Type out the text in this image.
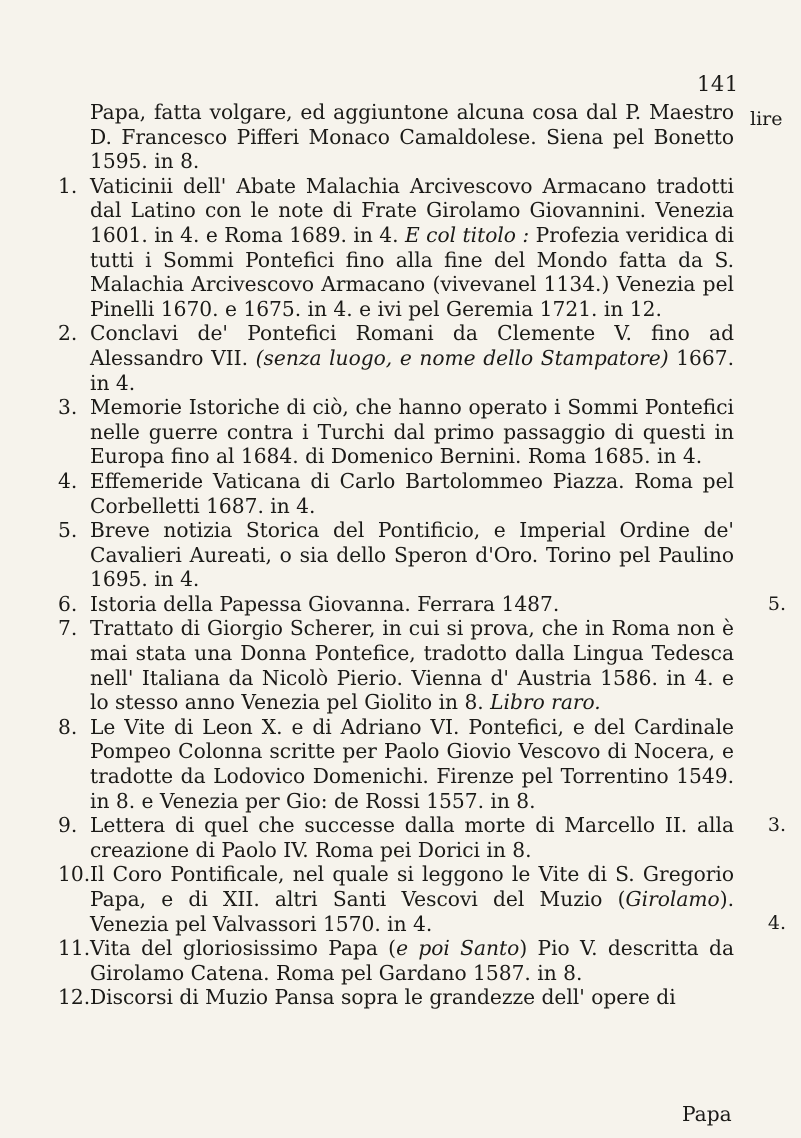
141
lire

Papa, fatta volgare, ed aggiuntone alcuna cosa dal P. Maestro D. Francesco Pifferi Monaco Camaldolese. Siena pel Bonetto 1595. in 8.

1. Vaticinii dell' Abate Malachia Arcivescovo Armacano tradotti dal Latino con le note di Frate Girolamo Giovannini. Venezia 1601. in 4. e Roma 1689. in 4. E col titolo : Profezia veridica di tutti i Sommi Pontefici fino alla fine del Mondo fatta da S. Malachia Arcivescovo Armacano (vivevanel 1134.) Venezia pel Pinelli 1670. e 1675. in 4. e ivi pel Geremia 1721. in 12.

2. Conclavi de' Pontefici Romani da Clemente V. fino ad Alessandro VII. (senza luogo, e nome dello Stampatore) 1667. in 4.

3. Memorie Istoriche di ciò, che hanno operato i Sommi Pontefici nelle guerre contra i Turchi dal primo passaggio di questi in Europa fino al 1684. di Domenico Bernini. Roma 1685. in 4.

4. Effemeride Vaticana di Carlo Bartolommeo Piazza. Roma pel Corbelletti 1687. in 4.

5. Breve notizia Storica del Pontificio, e Imperial Ordine de' Cavalieri Aureati, o sia dello Speron d'Oro. Torino pel Paulino 1695. in 4.

6. Istoria della Papessa Giovanna. Ferrara 1487.	5.

7. Trattato di Giorgio Scherer, in cui si prova, che in Roma non è mai stata una Donna Pontefice, tradotto dalla Lingua Tedesca nell' Italiana da Nicolò Pierio. Vienna d' Austria 1586. in 4. e lo stesso anno Venezia pel Giolito in 8. Libro raro.

8. Le Vite di Leon X. e di Adriano VI. Pontefici, e del Cardinale Pompeo Colonna scritte per Paolo Giovio Vescovo di Nocera, e tradotte da Lodovico Domenichi. Firenze pel Torrentino 1549. in 8. e Venezia per Gio: de Rossi 1557. in 8.
3.

9. Lettera di quel che successe dalla morte di Marcello II. alla creazione di Paolo IV. Roma pei Dorici in 8.

10. Il Coro Pontificale, nel quale si leggono le Vite di S. Gregorio Papa, e di XII. altri Santi Vescovi del Muzio (Girolamo). Venezia pel Valvassori 1570. in 4.	4.

11. Vita del gloriosissimo Papa (e poi Santo) Pio V. descritta da Girolamo Catena. Roma pel Gardano 1587. in 8.

12. Discorsi di Muzio Pansa sopra le grandezze dell' opere di

Papa
